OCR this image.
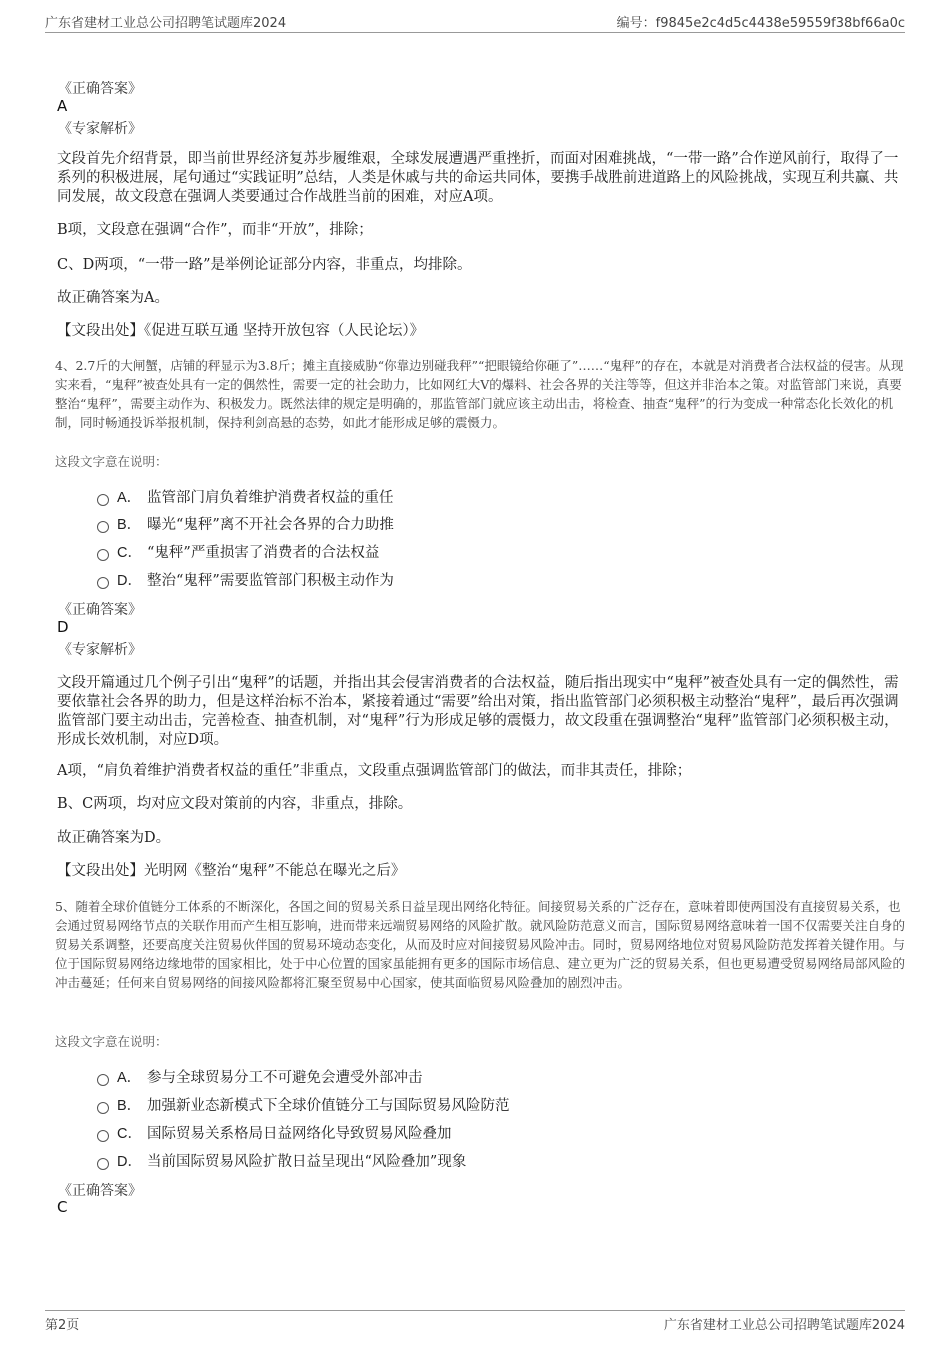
广东省建材工业总公司招聘笔试题库2024	编号：f9845e2c4d5c4438e59559f38bf66a0c
《正确答案》
A
《专家解析》
文段首先介绍背景，即当前世界经济复苏步履维艰，全球发展遭遇严重挫折，而面对困难挑战，“一带一路”合作逆风前行，取得了一系列的积极进展，尾句通过“实践证明”总结，人类是休戚与共的命运共同体，要携手战胜前进道路上的风险挑战，实现互利共赢、共同发展，故文段意在强调人类要通过合作战胜当前的困难，对应A项。
B项，文段意在强调“合作”，而非“开放”，排除；
C、D两项，“一带一路”是举例论证部分内容，非重点，均排除。
故正确答案为A。
【文段出处】《促进互联互通 坚持开放包容（人民论坛）》
4、2.7斤的大闸蟹，店铺的秤显示为3.8斤；摊主直接威胁“你靠边别碰我秤”“把眼镜给你砸了”……“鬼秤”的存在，本就是对消费者合法权益的侵害。从现实来看，“鬼秤”被查处具有一定的偶然性，需要一定的社会助力，比如网红大V的爆料、社会各界的关注等等，但这并非治本之策。对监管部门来说，真要整治“鬼秤”，需要主动作为、积极发力。既然法律的规定是明确的，那监管部门就应该主动出击，将检查、抽查“鬼秤”的行为变成一种常态化长效化的机制，同时畅通投诉举报机制，保持利剑高悬的态势，如此才能形成足够的震慑力。
这段文字意在说明：
A． 监管部门肩负着维护消费者权益的重任
B． 曝光“鬼秤”离不开社会各界的合力助推
C． “鬼秤”严重损害了消费者的合法权益
D． 整治“鬼秤”需要监管部门积极主动作为
《正确答案》
D
《专家解析》
文段开篇通过几个例子引出“鬼秤”的话题，并指出其会侵害消费者的合法权益，随后指出现实中“鬼秤”被查处具有一定的偶然性，需要依靠社会各界的助力，但是这样治标不治本，紧接着通过“需要”给出对策，指出监管部门必须积极主动整治“鬼秤”，最后再次强调监管部门要主动出击，完善检查、抽查机制，对“鬼秤”行为形成足够的震慑力，故文段重在强调整治“鬼秤”监管部门必须积极主动，形成长效机制，对应D项。
A项，“肩负着维护消费者权益的重任”非重点，文段重点强调监管部门的做法，而非其责任，排除；
B、C两项，均对应文段对策前的内容，非重点，排除。
故正确答案为D。
【文段出处】光明网《整治“鬼秤”不能总在曝光之后》
5、随着全球价值链分工体系的不断深化，各国之间的贸易关系日益呈现出网络化特征。间接贸易关系的广泛存在，意味着即使两国没有直接贸易关系，也会通过贸易网络节点的关联作用而产生相互影响，进而带来远端贸易网络的风险扩散。就风险防范意义而言，国际贸易网络意味着一国不仅需要关注自身的贸易关系调整，还要高度关注贸易伙伴国的贸易环境动态变化，从而及时应对间接贸易风险冲击。同时，贸易网络地位对贸易风险防范发挥着关键作用。与位于国际贸易网络边缘地带的国家相比，处于中心位置的国家虽能拥有更多的国际市场信息、建立更为广泛的贸易关系，但也更易遭受贸易网络局部风险的冲击蔓延；任何来自贸易网络的间接风险都将汇聚至贸易中心国家，使其面临贸易风险叠加的剧烈冲击。
这段文字意在说明：
A． 参与全球贸易分工不可避免会遭受外部冲击
B． 加强新业态新模式下全球价值链分工与国际贸易风险防范
C． 国际贸易关系格局日益网络化导致贸易风险叠加
D． 当前国际贸易风险扩散日益呈现出“风险叠加”现象
《正确答案》
C
第2页	广东省建材工业总公司招聘笔试题库2024
